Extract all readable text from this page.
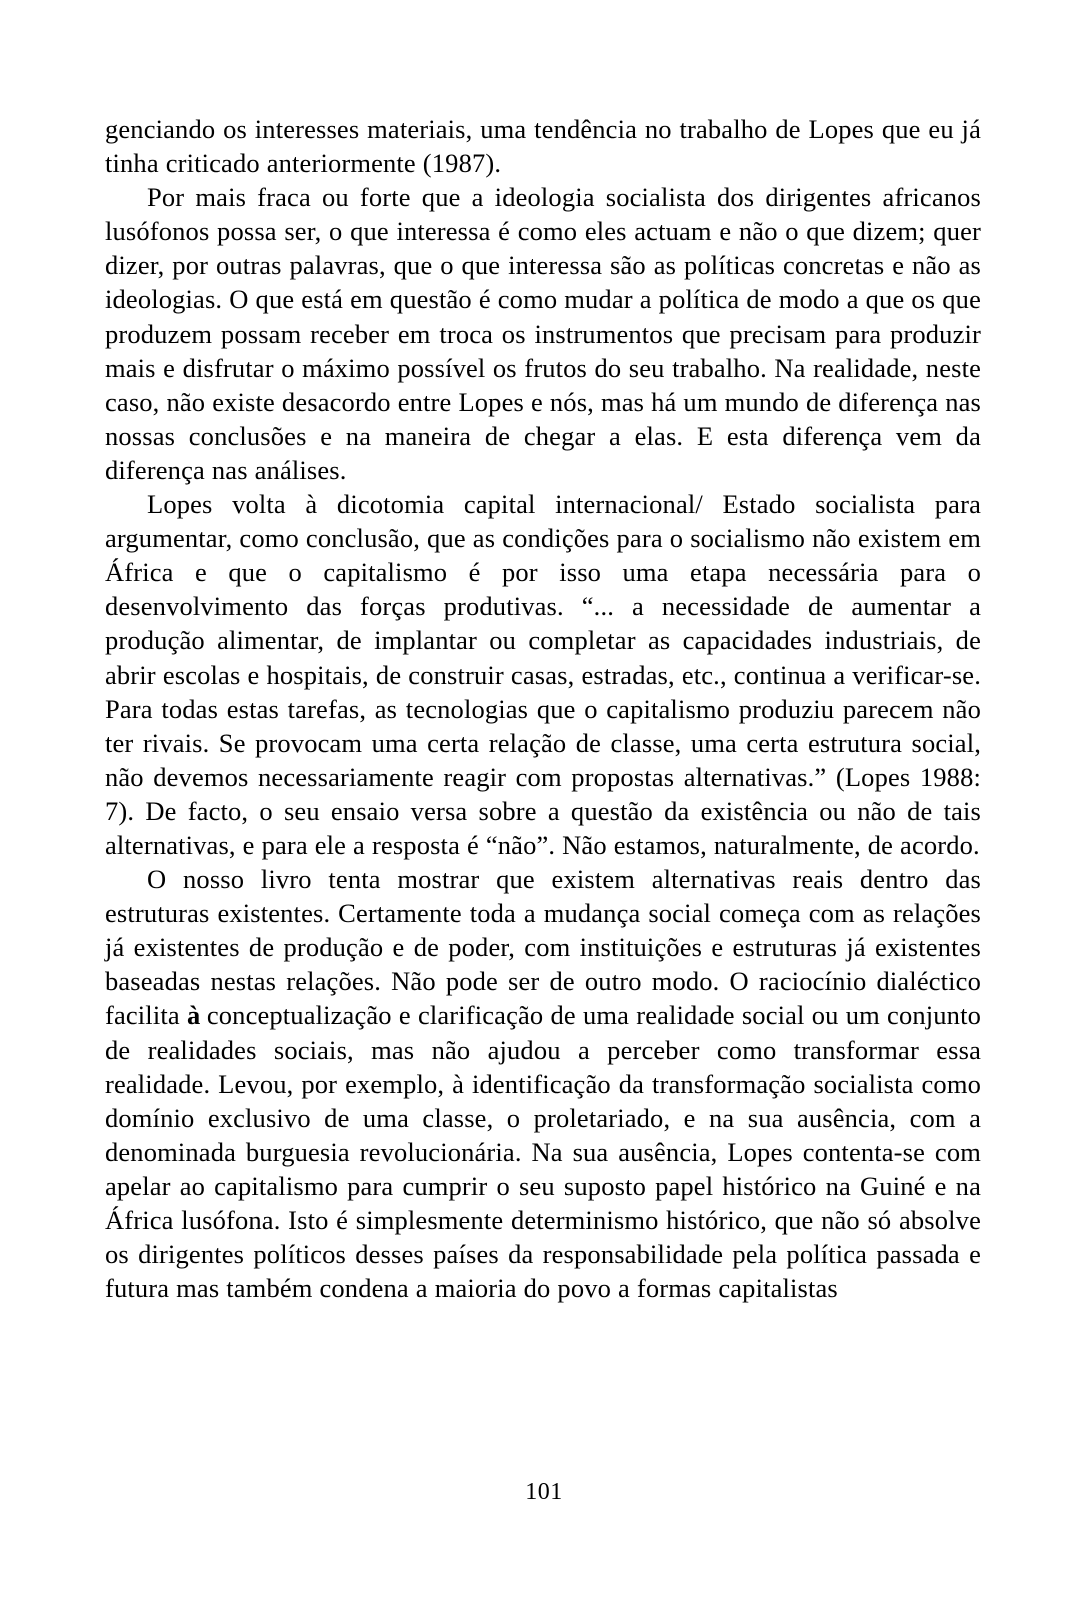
genciando os interesses materiais, uma tendência no trabalho de Lopes que eu já tinha criticado anteriormente (1987).

Por mais fraca ou forte que a ideologia socialista dos dirigentes africanos lusófonos possa ser, o que interessa é como eles actuam e não o que dizem; quer dizer, por outras palavras, que o que interessa são as políticas concretas e não as ideologias. O que está em questão é como mudar a política de modo a que os que produzem possam receber em troca os instrumentos que precisam para produzir mais e disfrutar o máximo possível os frutos do seu trabalho. Na realidade, neste caso, não existe desacordo entre Lopes e nós, mas há um mundo de diferença nas nossas conclusões e na maneira de chegar a elas. E esta diferença vem da diferença nas análises.

Lopes volta à dicotomia capital internacional/ Estado socialista para argumentar, como conclusão, que as condições para o socialismo não existem em África e que o capitalismo é por isso uma etapa necessária para o desenvolvimento das forças produtivas. “... a necessidade de aumentar a produção alimentar, de implantar ou completar as capacidades industriais, de abrir escolas e hospitais, de construir casas, estradas, etc., continua a verificar-se. Para todas estas tarefas, as tecnologias que o capitalismo produziu parecem não ter rivais. Se provocam uma certa relação de classe, uma certa estrutura social, não devemos necessariamente reagir com propostas alternativas.” (Lopes 1988: 7). De facto, o seu ensaio versa sobre a questão da existência ou não de tais alternativas, e para ele a resposta é “não”. Não estamos, naturalmente, de acordo.

O nosso livro tenta mostrar que existem alternativas reais dentro das estruturas existentes. Certamente toda a mudança social começa com as relações já existentes de produção e de poder, com instituições e estruturas já existentes baseadas nestas relações. Não pode ser de outro modo. O raciocínio dialéctico facilita à conceptualização e clarificação de uma realidade social ou um conjunto de realidades sociais, mas não ajudou a perceber como transformar essa realidade. Levou, por exemplo, à identificação da transformação socialista como domínio exclusivo de uma classe, o proletariado, e na sua ausência, com a denominada burguesia revolucionária. Na sua ausência, Lopes contenta-se com apelar ao capitalismo para cumprir o seu suposto papel histórico na Guiné e na África lusófona. Isto é simplesmente determinismo histórico, que não só absolve os dirigentes políticos desses países da responsabilidade pela política passada e futura mas também condena a maioria do povo a formas capitalistas

101
